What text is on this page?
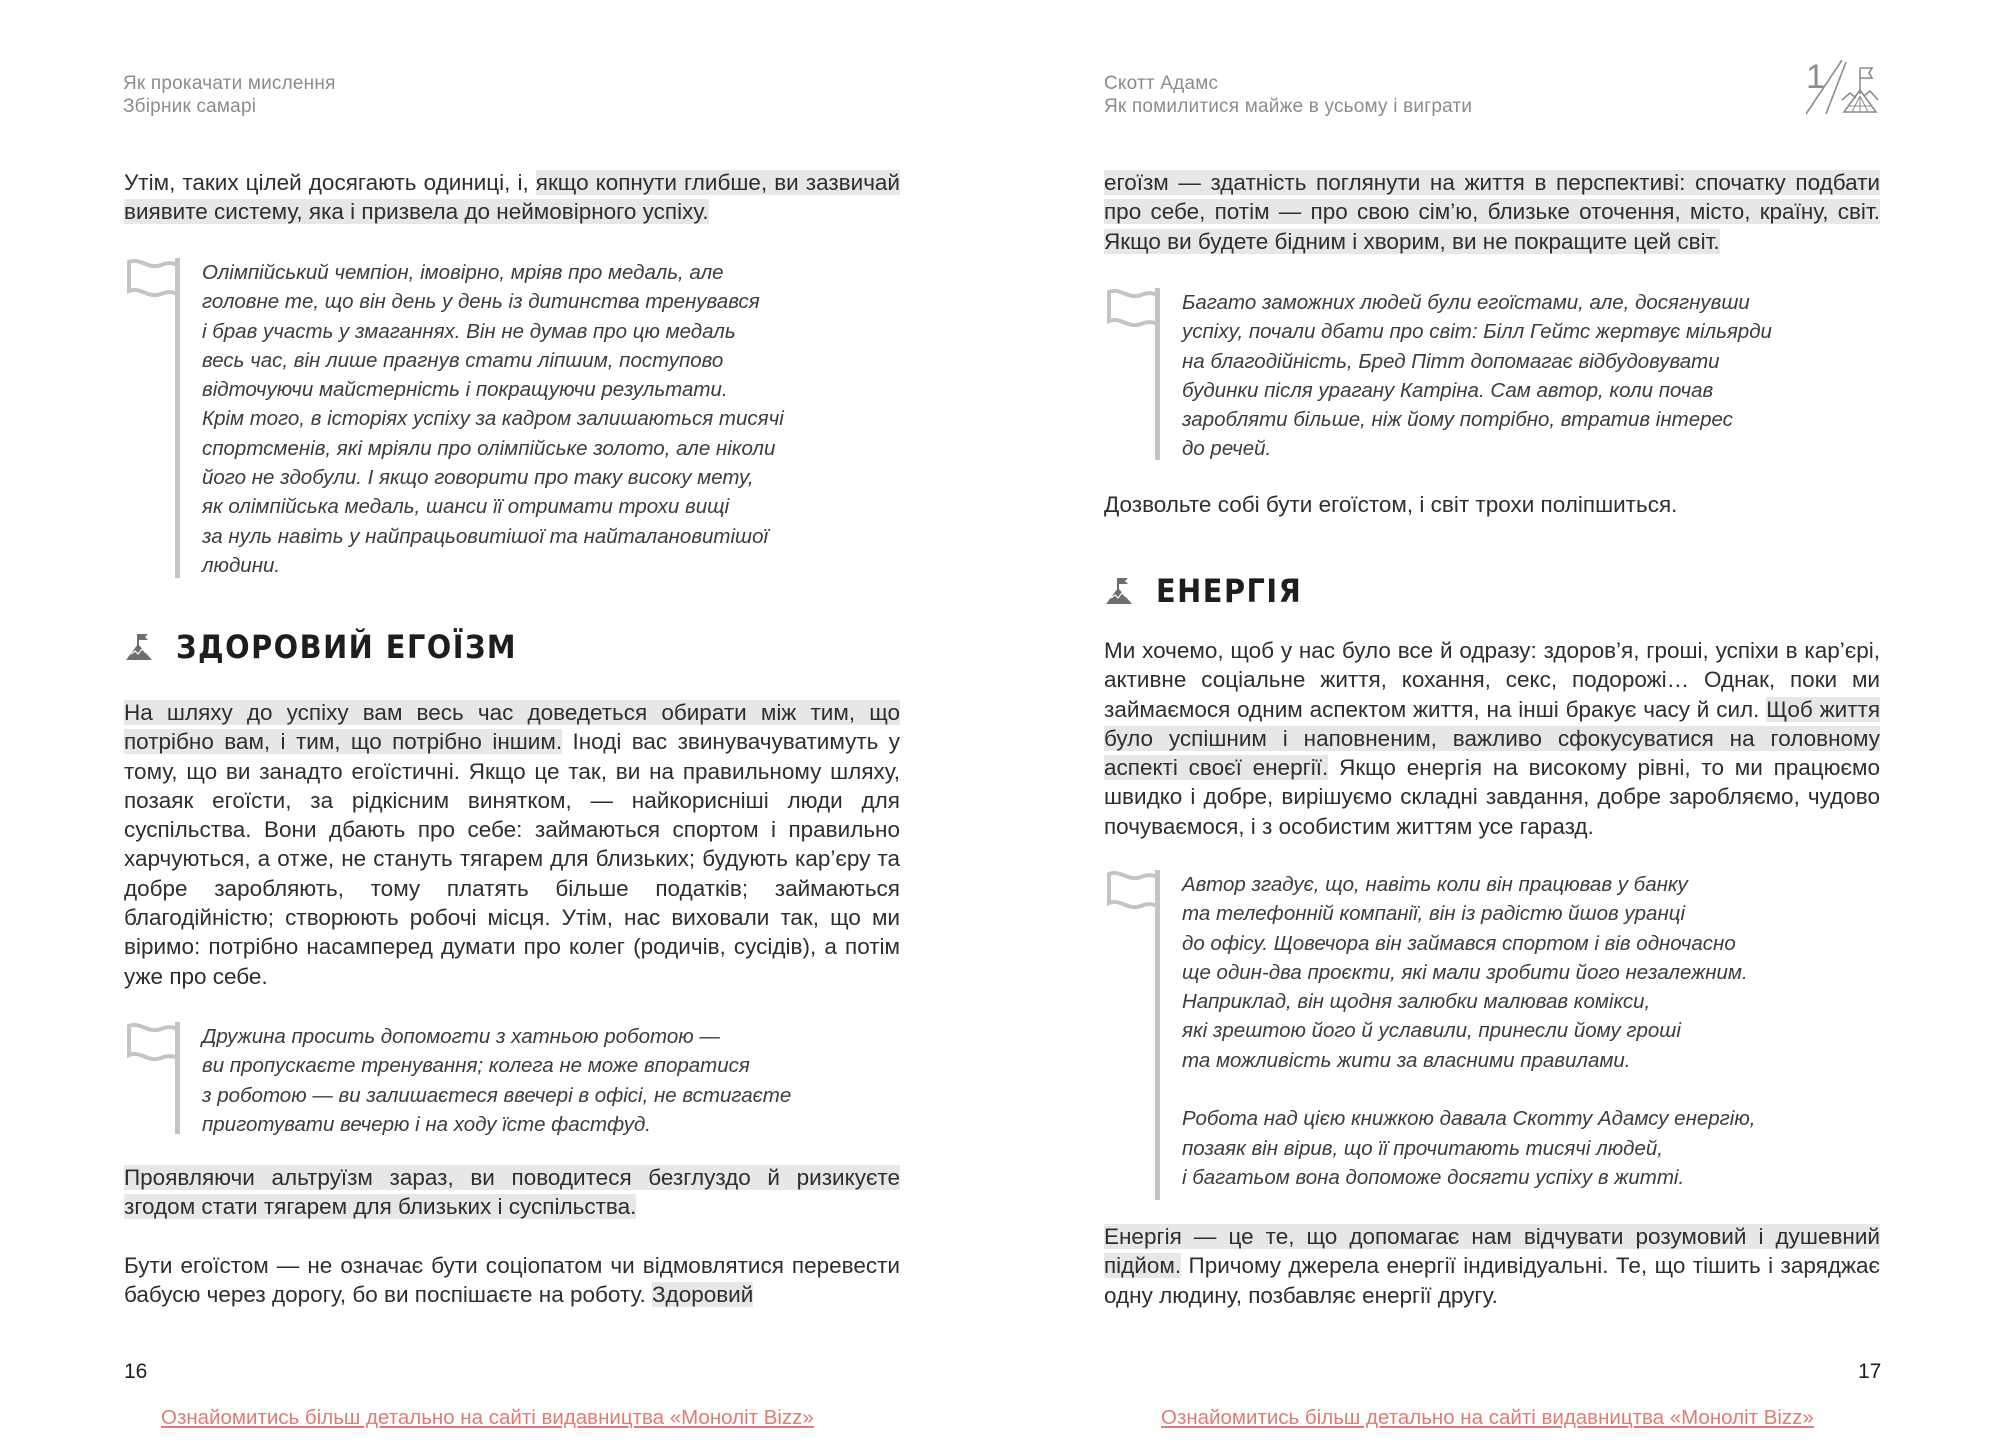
Як прокачати мислення
Збірник самарі

Утім, таких цілей досягають одиниці, і, якщо копнути глибше, ви зазвичай виявите систему, яка і призвела до неймовірного успіху.

Олімпійський чемпіон, імовірно, мріяв про медаль, але
головне те, що він день у день із дитинства тренувався
і брав участь у змаганнях. Він не думав про цю медаль
весь час, він лише прагнув стати ліпшим, поступово
відточуючи майстерність і покращуючи результати.
Крім того, в історіях успіху за кадром залишаються тисячі
спортсменів, які мріяли про олімпійське золото, але ніколи
його не здобули. І якщо говорити про таку високу мету,
як олімпійська медаль, шанси її отримати трохи вищі
за нуль навіть у найпрацьовитішої та найталановитішої
людини.
ЗДОРОВИЙ ЕГОЇЗМ

На шляху до успіху вам весь час доведеться обирати між тим, що потрібно вам, і тим, що потрібно іншим. Іноді вас звинувачуватимуть у тому, що ви занадто егоїстичні. Якщо це так, ви на правильному шляху, позаяк егоїсти, за рідкісним винятком, — найкорисніші люди для суспільства. Вони дбають про себе: займаються спортом і правильно харчуються, а отже, не стануть тягарем для близьких; будують кар’єру та добре заробляють, тому платять більше податків; займаються благодійністю; створюють робочі місця. Утім, нас виховали так, що ми віримо: потрібно насамперед думати про колег (родичів, сусідів), а потім уже про себе.

Дружина просить допомогти з хатньою роботою —
ви пропускаєте тренування; колега не може впоратися
з роботою — ви залишаєтеся ввечері в офісі, не встигаєте
приготувати вечерю і на ходу їсте фастфуд.

Проявляючи альтруїзм зараз, ви поводитеся безглуздо й ризикуєте згодом стати тягарем для близьких і суспільства.

Бути егоїстом — не означає бути соціопатом чи відмовлятися перевести бабусю через дорогу, бо ви поспішаєте на роботу. Здоровий

16
Ознайомитись більш детально на сайті видавництва «Моноліт Bizz»
Скотт Адамс
Як помилитися майже в усьому і виграти
1

егоїзм — здатність поглянути на життя в перспективі: спочатку подбати про себе, потім — про свою сім’ю, близьке оточення, місто, країну, світ. Якщо ви будете бідним і хворим, ви не покращите цей світ.

Багато заможних людей були егоїстами, але, досягнувши
успіху, почали дбати про світ: Білл Гейтс жертвує мільярди
на благодійність, Бред Пітт допомагає відбудовувати
будинки після урагану Катріна. Сам автор, коли почав
заробляти більше, ніж йому потрібно, втратив інтерес
до речей.

Дозвольте собі бути егоїстом, і світ трохи поліпшиться.

ЕНЕРГІЯ

Ми хочемо, щоб у нас було все й одразу: здоров’я, гроші, успіхи в кар’єрі, активне соціальне життя, кохання, секс, подорожі… Однак, поки ми займаємося одним аспектом життя, на інші бракує часу й сил. Щоб життя було успішним і наповненим, важливо сфокусуватися на головному аспекті своєї енергії. Якщо енергія на високому рівні, то ми працюємо швидко і добре, вирішуємо складні завдання, добре заробляємо, чудово почуваємося, і з особистим життям усе гаразд.

Автор згадує, що, навіть коли він працював у банку
та телефонній компанії, він із радістю йшов уранці
до офісу. Щовечора він займався спортом і вів одночасно
ще один-два проєкти, які мали зробити його незалежним.
Наприклад, він щодня залюбки малював комікси,
які зрештою його й уславили, принесли йому гроші
та можливість жити за власними правилами.
Робота над цією книжкою давала Скотту Адамсу енергію,
позаяк він вірив, що її прочитають тисячі людей,
і багатьом вона допоможе досягти успіху в житті.

Енергія — це те, що допомагає нам відчувати розумовий і душевний підйом. Причому джерела енергії індивідуальні. Те, що тішить і заряджає одну людину, позбавляє енергії другу.

17
Ознайомитись більш детально на сайті видавництва «Моноліт Bizz»
